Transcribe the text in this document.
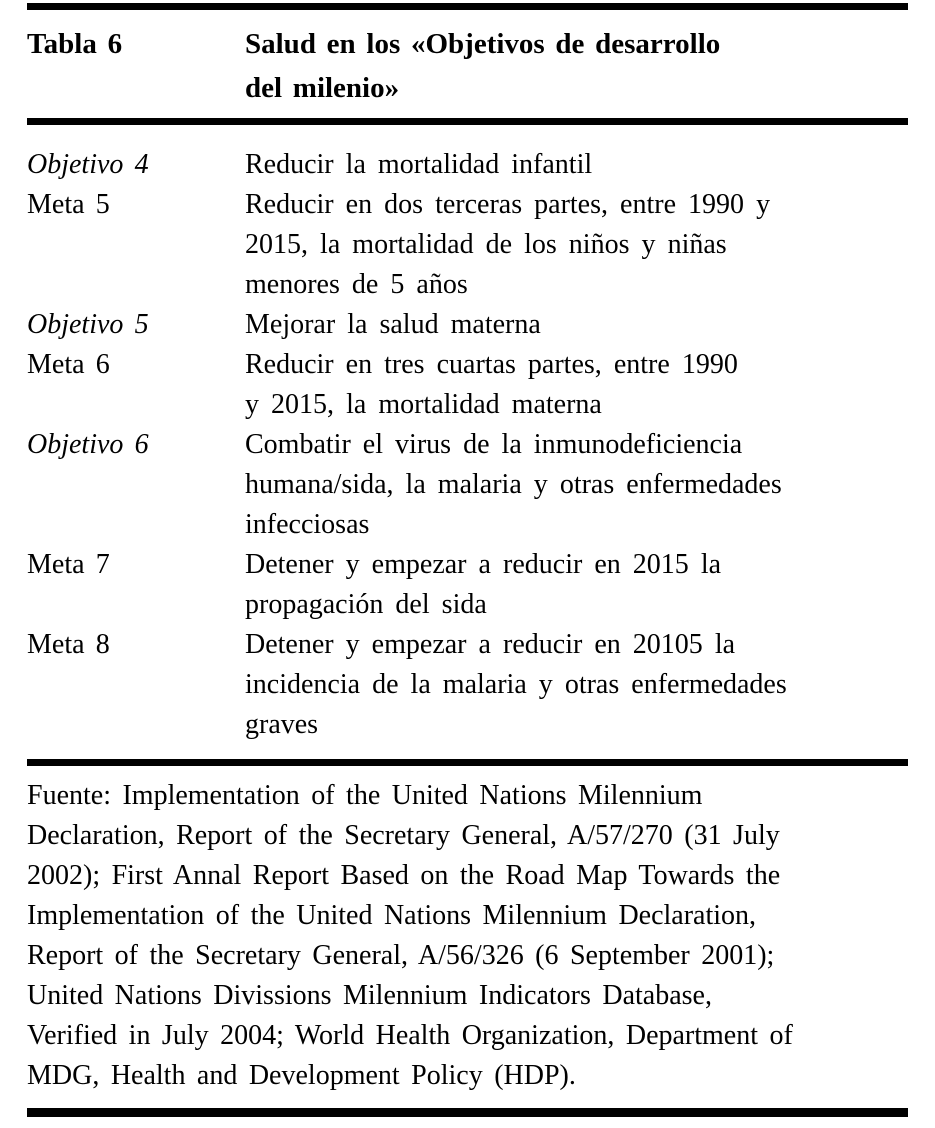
Tabla 6	Salud en los «Objetivos de desarrollo
del milenio»
Objetivo 4	Reducir la mortalidad infantil
Meta 5	Reducir en dos terceras partes, entre 1990 y
2015, la mortalidad de los niños y niñas
menores de 5 años
Objetivo 5	Mejorar la salud materna
Meta 6	Reducir en tres cuartas partes, entre 1990
y 2015, la mortalidad materna
Objetivo 6	Combatir el virus de la inmunodeficiencia
humana/sida, la malaria y otras enfermedades
infecciosas
Meta 7	Detener y empezar a reducir en 2015 la
propagación del sida
Meta 8	Detener y empezar a reducir en 20105 la
incidencia de la malaria y otras enfermedades
graves
Fuente: Implementation of the United Nations Milennium
Declaration, Report of the Secretary General, A/57/270 (31 July
2002); First Annal Report Based on the Road Map Towards the
Implementation of the United Nations Milennium Declaration,
Report of the Secretary General, A/56/326 (6 September 2001);
United Nations Divissions Milennium Indicators Database,
Verified in July 2004; World Health Organization, Department of
MDG, Health and Development Policy (HDP).
